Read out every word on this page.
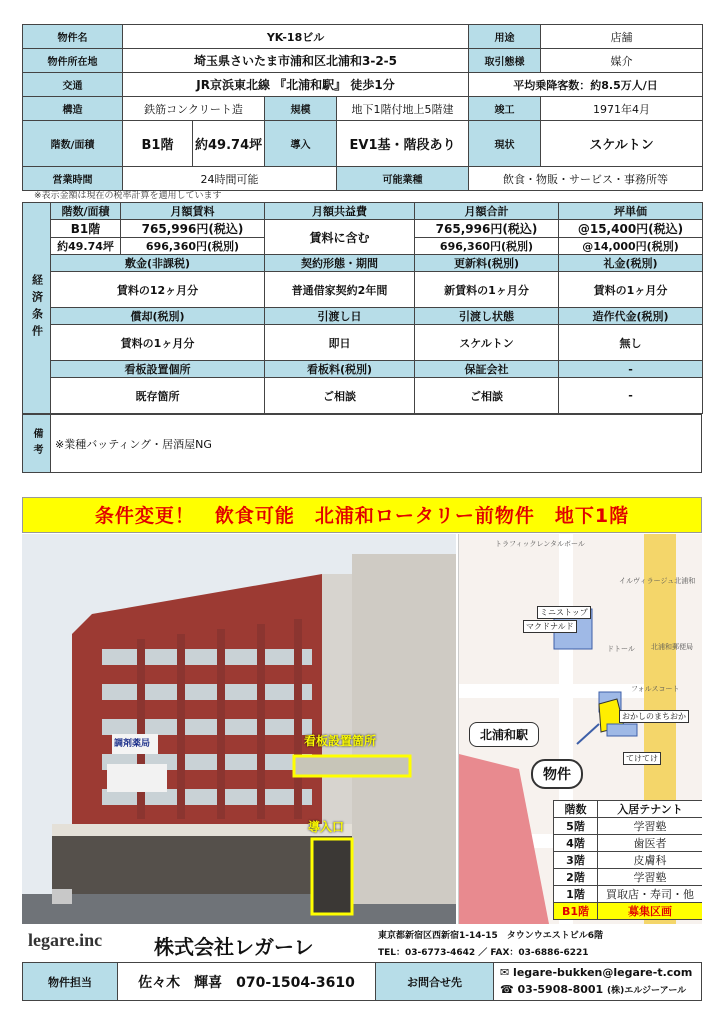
物件名	YK-18ビル				用途	店舗
物件所在地	埼玉県さいたま市浦和区北浦和3-2-5				取引態様	媒介
交通	JR京浜東北線 『北浦和駅』 徒歩1分				平均乗降客数：約8.5万人/日	
構造	鉄筋コンクリート造		規模	地下1階付地上5階建	竣工	1971年4月
階数/面積	B1階	約49.74坪	導入	EV1基・階段あり	現状	スケルトン
営業時間	24時間可能			可能業種	飲食・物販・サービス・事務所等	
※表示金額は現在の税率計算を適用しています
経済条件	階数/面積	月額賃料	月額共益費	月額合計	坪単価
	B1階	765,996円(税込)	賃料に含む	765,996円(税込)	@15,400円(税込)
	約49.74坪	696,360円(税別)		696,360円(税別)	@14,000円(税別)
	敷金(非課税)		契約形態・期間	更新料(税別)	礼金(税別)
	賃料の12ヶ月分		普通借家契約2年間	新賃料の1ヶ月分	賃料の1ヶ月分
	償却(税別)		引渡し日	引渡し状態	造作代金(税別)
	賃料の1ヶ月分		即日	スケルトン	無し
	看板設置個所		看板料(税別)	保証会社	-
	既存箇所		ご相談	ご相談	-
備考	※業種バッティング・居酒屋NG
条件変更！　飲食可能　北浦和ロータリー前物件　地下1階
調剤薬局	看板設置箇所
導入口
トラフィックレンタルボール
イルヴィラージュ北浦和
北浦和郵便局
ドトール
フォルスコート
ミニストップ
マクドナルド
おかしのまちおか
てけてけ
北浦和駅
物件
階数	入居テナント
5階	学習塾
4階	歯医者
3階	皮膚科
2階	学習塾
1階	買取店・寿司・他
B1階	募集区画
legare.inc	株式会社レガーレ	東京都新宿区西新宿1-14-15　タウンウエストビル6階
TEL：03-6773-4642 ／ FAX：03-6886-6221
物件担当	佐々木　輝喜　070-1504-3610	お問合せ先	
✉ legare-bukken@legare-t.com
☎ 03-5908-8001 (株)エルジーアール
